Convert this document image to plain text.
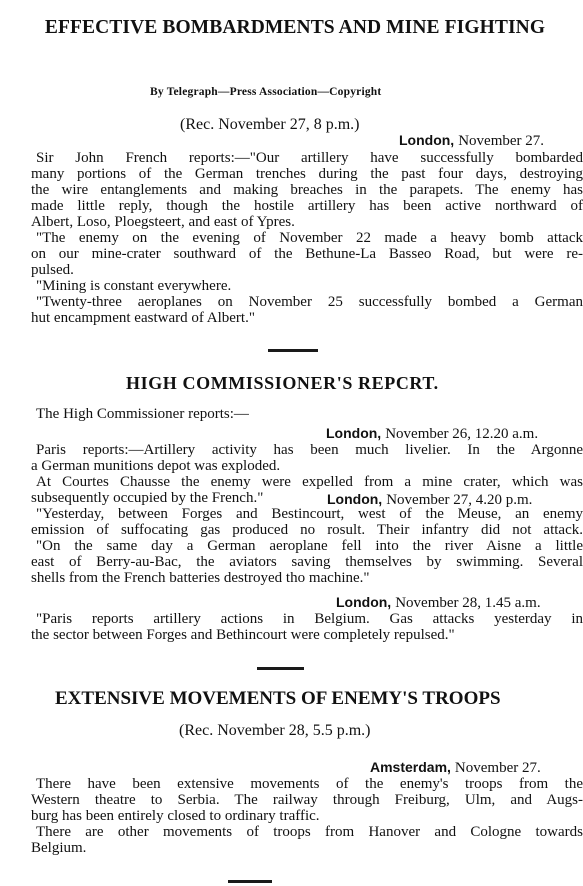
EFFECTIVE BOMBARDMENTS AND MINE FIGHTING
By Telegraph—Press Association—Copyright
(Rec. November 27, 8 p.m.)
London, November 27.
Sir John French reports:—"Our artillery have successfully bombarded
many portions of the German trenches during the past four days, destroying
the wire entanglements and making breaches in the parapets. The enemy has
made little reply, though the hostile artillery has been active northward of
Albert, Loso, Ploegsteert, and east of Ypres.
"The enemy on the evening of November 22 made a heavy bomb attack
on our mine-crater southward of the Bethune-La Basseo Road, but were re-
pulsed.
"Mining is constant everywhere.
"Twenty-three aeroplanes on November 25 successfully bombed a German
hut encampment eastward of Albert."
HIGH COMMISSIONER'S REPCRT.
The High Commissioner reports:—
London, November 26, 12.20 a.m.
Paris reports:—Artillery activity has been much livelier. In the Argonne
a German munitions depot was exploded.
At Courtes Chausse the enemy were expelled from a mine crater, which was
subsequently occupied by the French."	London, November 27, 4.20 p.m.
"Yesterday, between Forges and Bestincourt, west of the Meuse, an enemy
emission of suffocating gas produced no rosult. Their infantry did not attack.
"On the same day a German aeroplane fell into the river Aisne a little
east of Berry-au-Bac, the aviators saving themselves by swimming. Several
shells from the French batteries destroyed tho machine."
London, November 28, 1.45 a.m.
"Paris reports artillery actions in Belgium. Gas attacks yesterday in
the sector between Forges and Bethincourt were completely repulsed."
EXTENSIVE MOVEMENTS OF ENEMY'S TROOPS
(Rec. November 28, 5.5 p.m.)
Amsterdam, November 27.
There have been extensive movements of the enemy's troops from the
Western theatre to Serbia. The railway through Freiburg, Ulm, and Augs-
burg has been entirely closed to ordinary traffic.
There are other movements of troops from Hanover and Cologne towards
Belgium.
